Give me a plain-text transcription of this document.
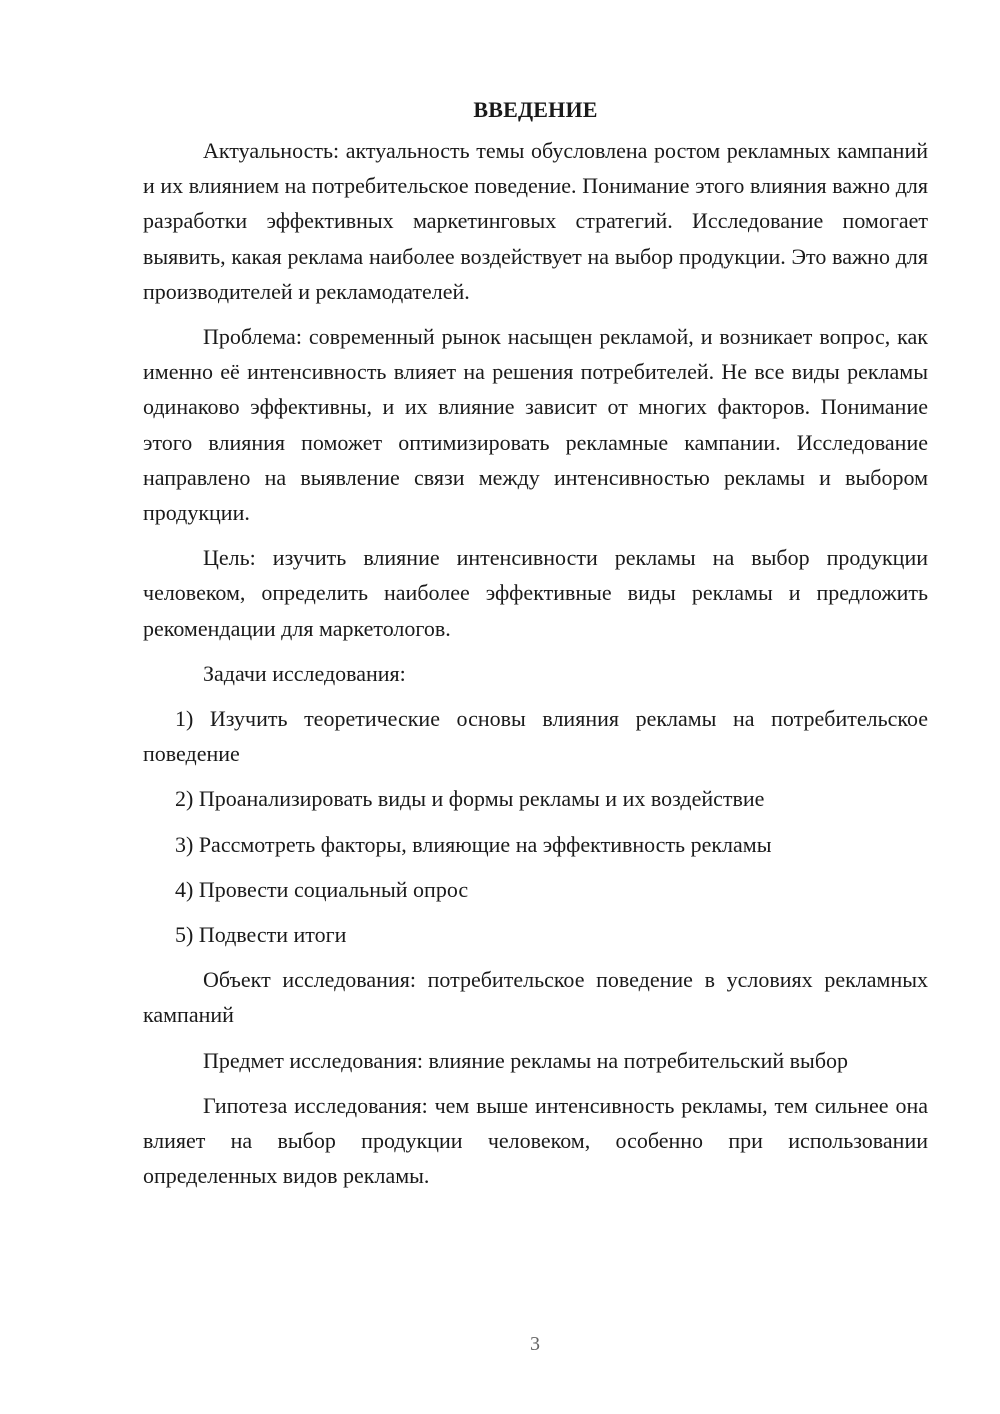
ВВЕДЕНИЕ

Актуальность: актуальность темы обусловлена ростом рекламных кампаний и их влиянием на потребительское поведение. Понимание этого влияния важно для разработки эффективных маркетинговых стратегий. Исследование помогает выявить, какая реклама наиболее воздействует на выбор продукции. Это важно для производителей и рекламодателей.

Проблема: современный рынок насыщен рекламой, и возникает вопрос, как именно её интенсивность влияет на решения потребителей. Не все виды рекламы одинаково эффективны, и их влияние зависит от многих факторов. Понимание этого влияния поможет оптимизировать рекламные кампании. Исследование направлено на выявление связи между интенсивностью рекламы и выбором продукции.

Цель: изучить влияние интенсивности рекламы на выбор продукции человеком, определить наиболее эффективные виды рекламы и предложить рекомендации для маркетологов.

Задачи исследования:

1) Изучить теоретические основы влияния рекламы на потребительское поведение

2) Проанализировать виды и формы рекламы и их воздействие

3) Рассмотреть факторы, влияющие на эффективность рекламы

4) Провести социальный опрос

5) Подвести итоги

Объект исследования: потребительское поведение в условиях рекламных кампаний

Предмет исследования: влияние рекламы на потребительский выбор

Гипотеза исследования: чем выше интенсивность рекламы, тем сильнее она влияет на выбор продукции человеком, особенно при использовании определенных видов рекламы.

3
